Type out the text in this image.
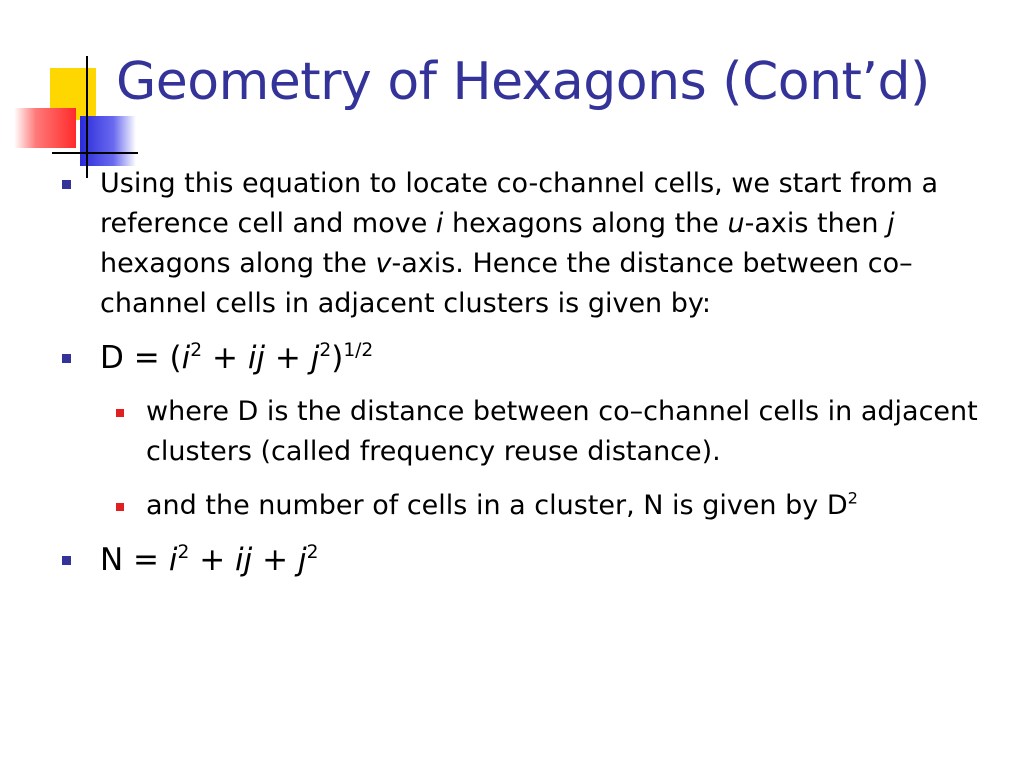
Geometry of Hexagons (Cont’d)
Using this equation to locate co-channel cells, we start from a reference cell and move i hexagons along the u-axis then j hexagons along the v-axis. Hence the distance between co–channel cells in adjacent clusters is given by:
$D = (i^2$ + ij + $j^2)^{1/2}$
where D is the distance between co–channel cells in adjacent clusters (called frequency reuse distance).
and the number of cells in a cluster, N is given by $D^2$
$N = i^2$ + ij + $j^2$
